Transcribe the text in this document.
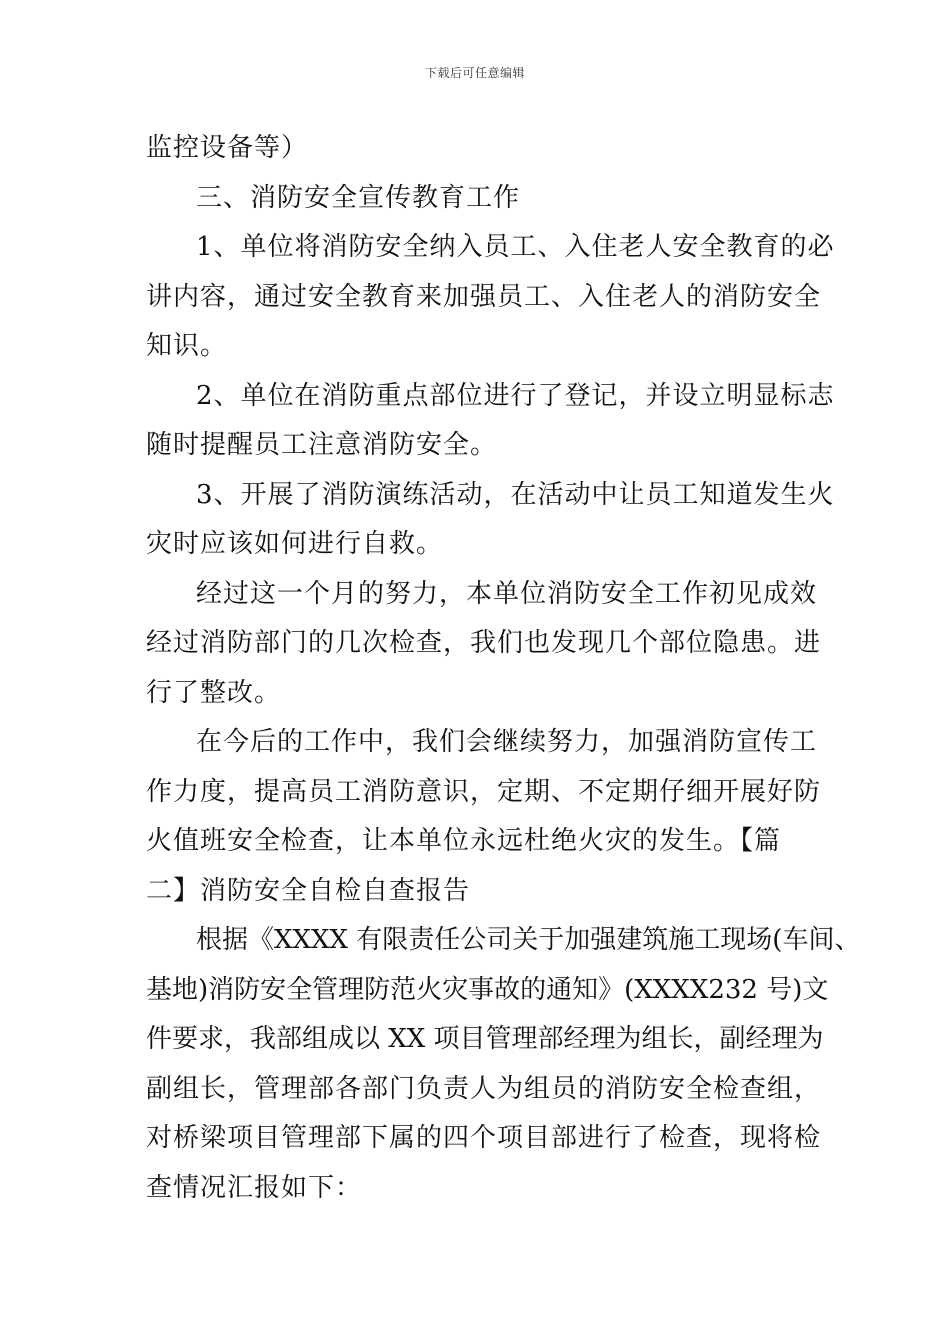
下载后可任意编辑
监控设备等）
三、消防安全宣传教育工作
1、单位将消防安全纳入员工、入住老人安全教育的必
讲内容，通过安全教育来加强员工、入住老人的消防安全
知识。
2、单位在消防重点部位进行了登记，并设立明显标志
随时提醒员工注意消防安全。
3、开展了消防演练活动，在活动中让员工知道发生火
灾时应该如何进行自救。
经过这一个月的努力，本单位消防安全工作初见成效
经过消防部门的几次检查，我们也发现几个部位隐患。进
行了整改。
在今后的工作中，我们会继续努力，加强消防宣传工
作力度，提高员工消防意识，定期、不定期仔细开展好防
火值班安全检查，让本单位永远杜绝火灾的发生。【篇
二】消防安全自检自查报告
根据《XXXX 有限责任公司关于加强建筑施工现场(车间、
基地)消防安全管理防范火灾事故的通知》(XXXX232 号)文
件要求，我部组成以 XX 项目管理部经理为组长，副经理为
副组长，管理部各部门负责人为组员的消防安全检查组，
对桥梁项目管理部下属的四个项目部进行了检查，现将检
查情况汇报如下：
